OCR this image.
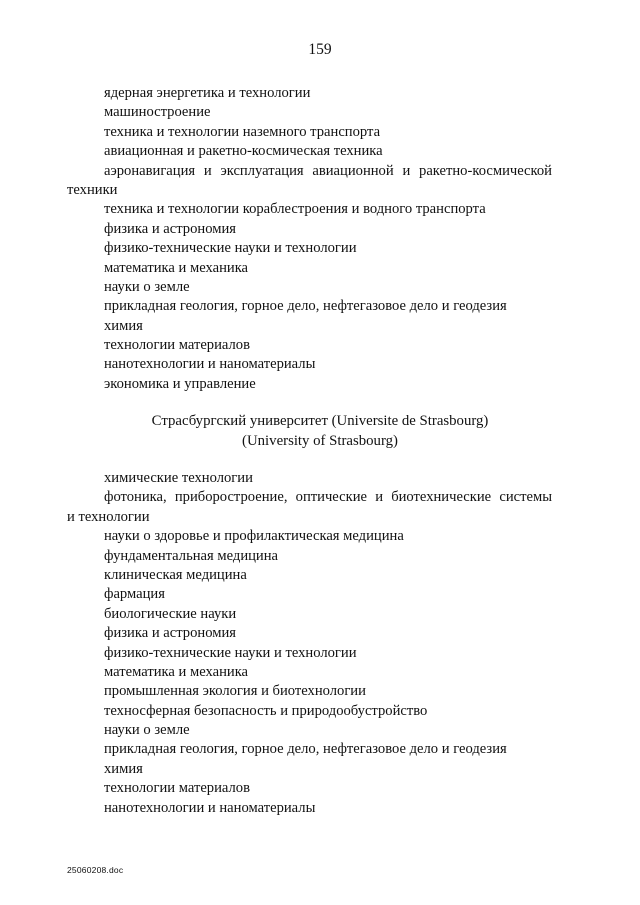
159
ядерная энергетика и технологии
машиностроение
техника и технологии наземного транспорта
авиационная и ракетно-космическая техника
аэронавигация и эксплуатация авиационной и ракетно-космической
техники
техника и технологии кораблестроения и водного транспорта
физика и астрономия
физико-технические науки и технологии
математика и механика
науки о земле
прикладная геология, горное дело, нефтегазовое дело и геодезия
химия
технологии материалов
нанотехнологии и наноматериалы
экономика и управление
Страсбургский университет (Universite de Strasbourg)
(University of Strasbourg)
химические технологии
фотоника, приборостроение, оптические и биотехнические системы
и технологии
науки о здоровье и профилактическая медицина
фундаментальная медицина
клиническая медицина
фармация
биологические науки
физика и астрономия
физико-технические науки и технологии
математика и механика
промышленная экология и биотехнологии
техносферная безопасность и природообустройство
науки о земле
прикладная геология, горное дело, нефтегазовое дело и геодезия
химия
технологии материалов
нанотехнологии и наноматериалы
25060208.doc
